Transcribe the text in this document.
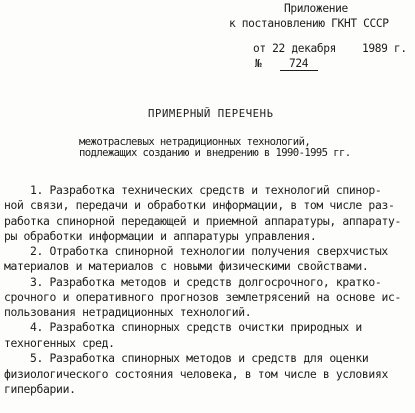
Приложение
к постановлению ГКНТ СССР
от 22 декабря 1989 г.
№ 724
ПРИМЕРНЫЙ ПЕРЕЧЕНЬ
межотраслевых нетрадиционных технологий,
подлежащих созданию и внедрению в 1990-1995 гг.
1. Разработка технических средств и технологий спинор-
ной связи, передачи и обработки информации, в том числе раз-
работка спинорной передающей и приемной аппаратуры, аппарату-
ры обработки информации и аппаратуры управления.
2. Отработка спинорной технологии получения сверхчистых
материалов и материалов с новыми физическими свойствами.
3. Разработка методов и средств долгосрочного, кратко-
срочного и оперативного прогнозов землетрясений на основе ис-
пользования нетрадиционных технологий.
4. Разработка спинорных средств очистки природных и
техногенных сред.
5. Разработка спинорных методов и средств для оценки
физиологического состояния человека, в том числе в условиях
гипербарии.
